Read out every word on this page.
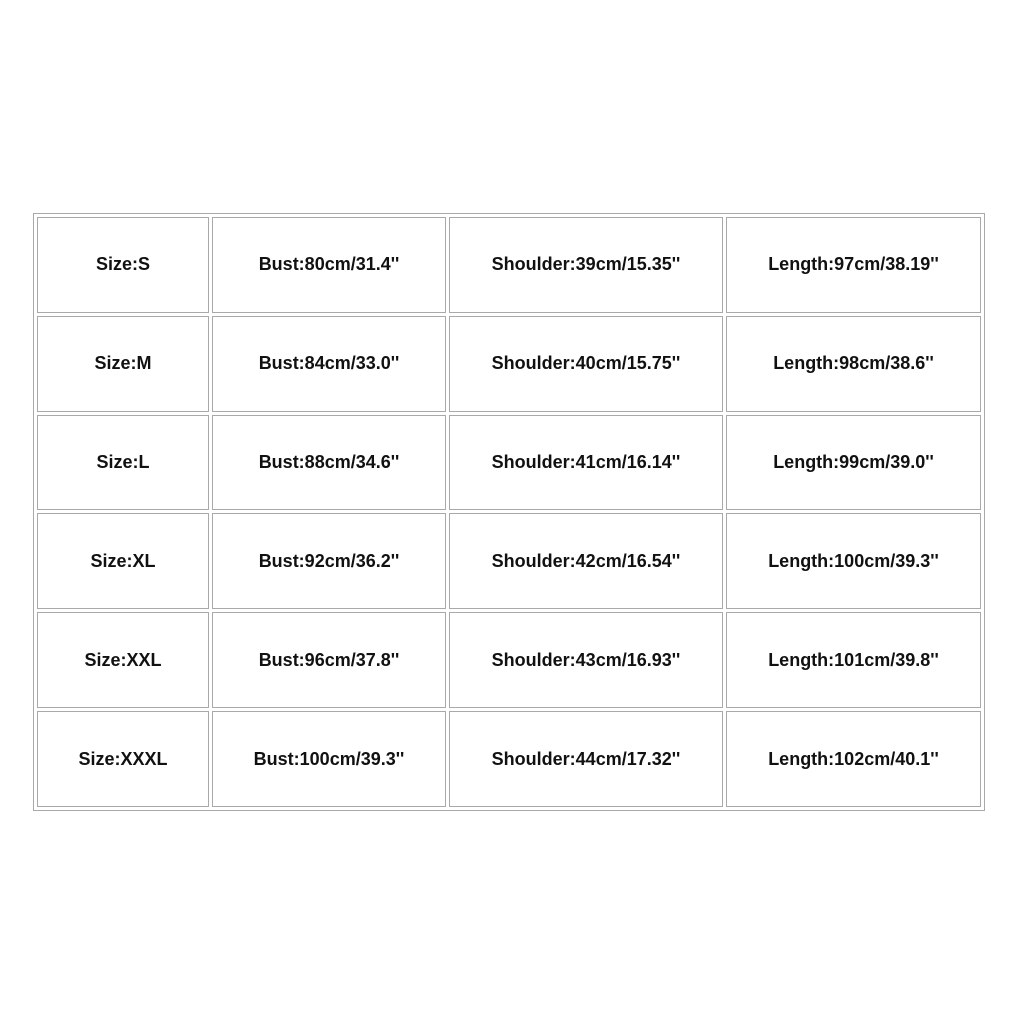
Size:S	Bust:80cm/31.4''	Shoulder:39cm/15.35''	Length:97cm/38.19''
Size:M	Bust:84cm/33.0''	Shoulder:40cm/15.75''	Length:98cm/38.6''
Size:L	Bust:88cm/34.6''	Shoulder:41cm/16.14''	Length:99cm/39.0''
Size:XL	Bust:92cm/36.2''	Shoulder:42cm/16.54''	Length:100cm/39.3''
Size:XXL	Bust:96cm/37.8''	Shoulder:43cm/16.93''	Length:101cm/39.8''
Size:XXXL	Bust:100cm/39.3''	Shoulder:44cm/17.32''	Length:102cm/40.1''
